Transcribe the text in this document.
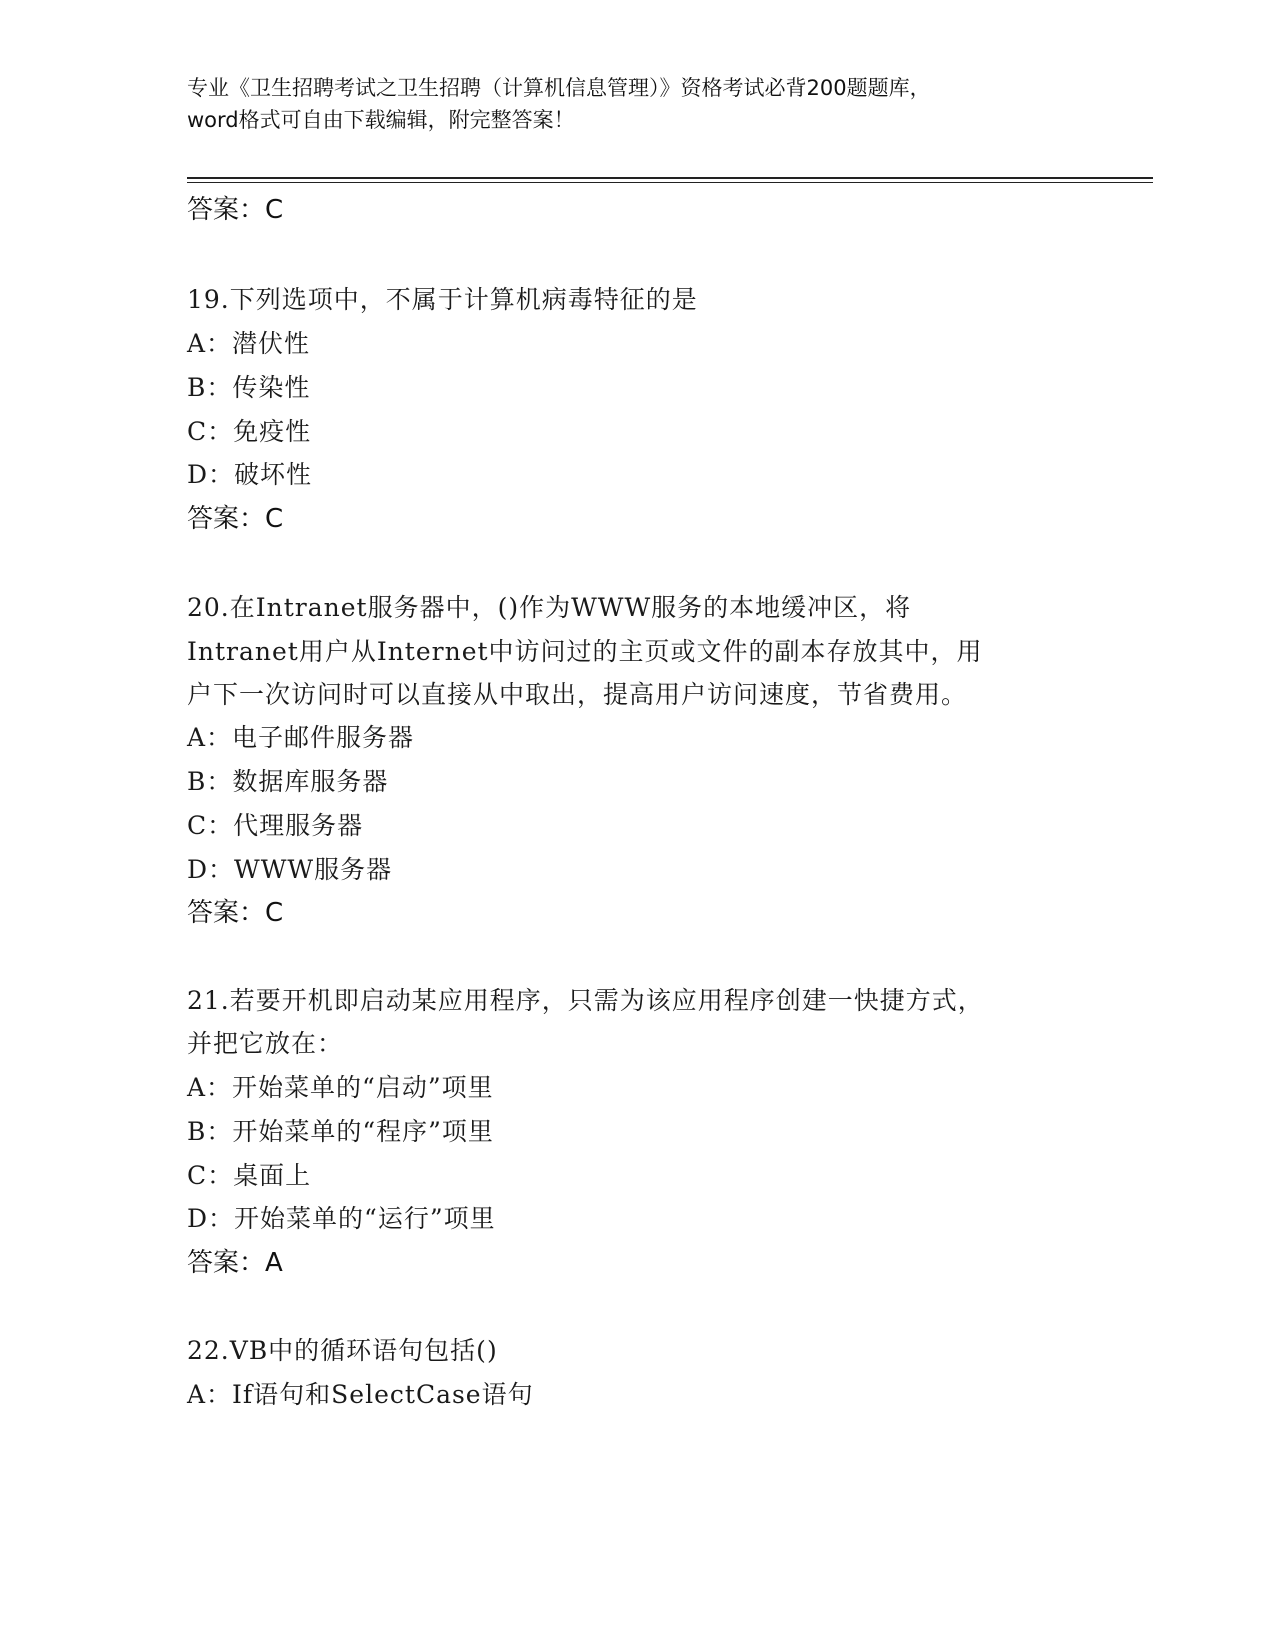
专业《卫生招聘考试之卫生招聘（计算机信息管理）》资格考试必背200题题库，
word格式可自由下载编辑，附完整答案！
答案：C
19.下列选项中，不属于计算机病毒特征的是
A：潜伏性
B：传染性
C：免疫性
D：破坏性
答案：C
20.在Intranet服务器中，()作为WWW服务的本地缓冲区，将
Intranet用户从Internet中访问过的主页或文件的副本存放其中，用
户下一次访问时可以直接从中取出，提高用户访问速度，节省费用。
A：电子邮件服务器
B：数据库服务器
C：代理服务器
D：WWW服务器
答案：C
21.若要开机即启动某应用程序，只需为该应用程序创建一快捷方式，
并把它放在：
A：开始菜单的“启动”项里
B：开始菜单的“程序”项里
C：桌面上
D：开始菜单的“运行”项里
答案：A
22.VB中的循环语句包括()
A：If语句和SelectCase语句
